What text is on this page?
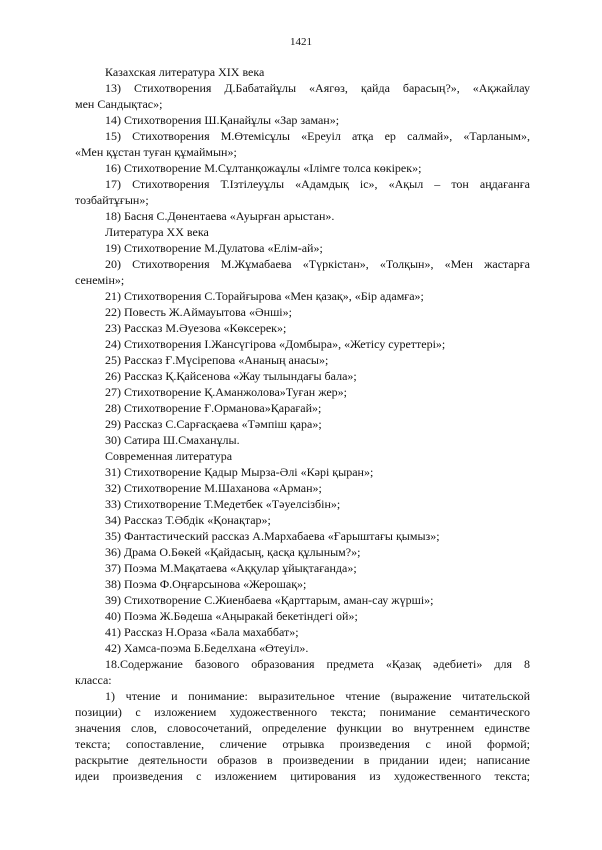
1421
Казахская литература XIX века
13) Стихотворения Д.Бабатайұлы «Аягөз, қайда барасың?», «Ақжайлау
мен Сандықтас»;
14) Стихотворения Ш.Қанайұлы «Зар заман»;
15) Стихотворения М.Өтемісұлы «Ереуіл атқа ер салмай», «Тарланым»,
«Мен құстан туған құмаймын»;
16) Стихотворение М.Сұлтанқожаұлы «Ілімге толса көкірек»;
17) Стихотворения Т.Ізтілеуұлы «Адамдық іс», «Ақыл – тон аңдағанға
тозбайтұғын»;
18) Басня С.Дөнентаева «Ауырған арыстан».
Литература XX века
19) Стихотворение М.Дулатова «Елім-ай»;
20) Стихотворения М.Жұмабаева «Түркістан», «Толқын», «Мен жастарға
сенемін»;
21) Стихотворения С.Торайғырова «Мен қазақ», «Бір адамға»;
22) Повесть Ж.Аймауытова «Әнші»;
23) Рассказ М.Әуезова «Көксерек»;
24) Стихотворения І.Жансүгірова «Домбыра», «Жетісу суреттері»;
25) Рассказ Ғ.Мүсірепова «Ананың анасы»;
26) Рассказ Қ.Қайсенова «Жау тылындағы бала»;
27) Стихотворение Қ.Аманжолова»Туған жер»;
28) Стихотворение Ғ.Орманова»Қарағай»;
29) Рассказ С.Сарғасқаева «Тәмпіш қара»;
30) Сатира Ш.Смаханұлы.
Современная литература
31) Стихотворение Қадыр Мырза-Әлі «Кәрі қыран»;
32) Стихотворение М.Шаханова «Арман»;
33) Стихотворение Т.Медетбек «Тәуелсізбін»;
34) Рассказ Т.Әбдік «Қонақтар»;
35) Фантастический рассказ А.Мархабаева «Ғарыштағы қымыз»;
36) Драма О.Бөкей «Қайдасың, қасқа құлыным?»;
37) Поэма М.Мақатаева «Аққулар ұйықтағанда»;
38) Поэма Ф.Оңғарсынова «Жерошақ»;
39) Стихотворение С.Жиенбаева «Қарттарым, аман-сау жүрші»;
40) Поэма Ж.Бөдеша «Аңыракай бекетіндегі ой»;
41) Рассказ Н.Ораза «Бала махаббат»;
42) Хамса-поэма Б.Беделхана «Өтеуіл».
18.Содержание базового образования предмета «Қазақ әдебиеті» для 8
класса:
1) чтение и понимание: выразительное чтение (выражение читательской
позиции) с изложением художественного текста; понимание семантического
значения слов, словосочетаний, определение функции во внутреннем единстве
текста; сопоставление, сличение отрывка произведения с иной формой;
раскрытие деятельности образов в произведении в придании идеи; написание
идеи произведения с изложением цитирования из художественного текста;
